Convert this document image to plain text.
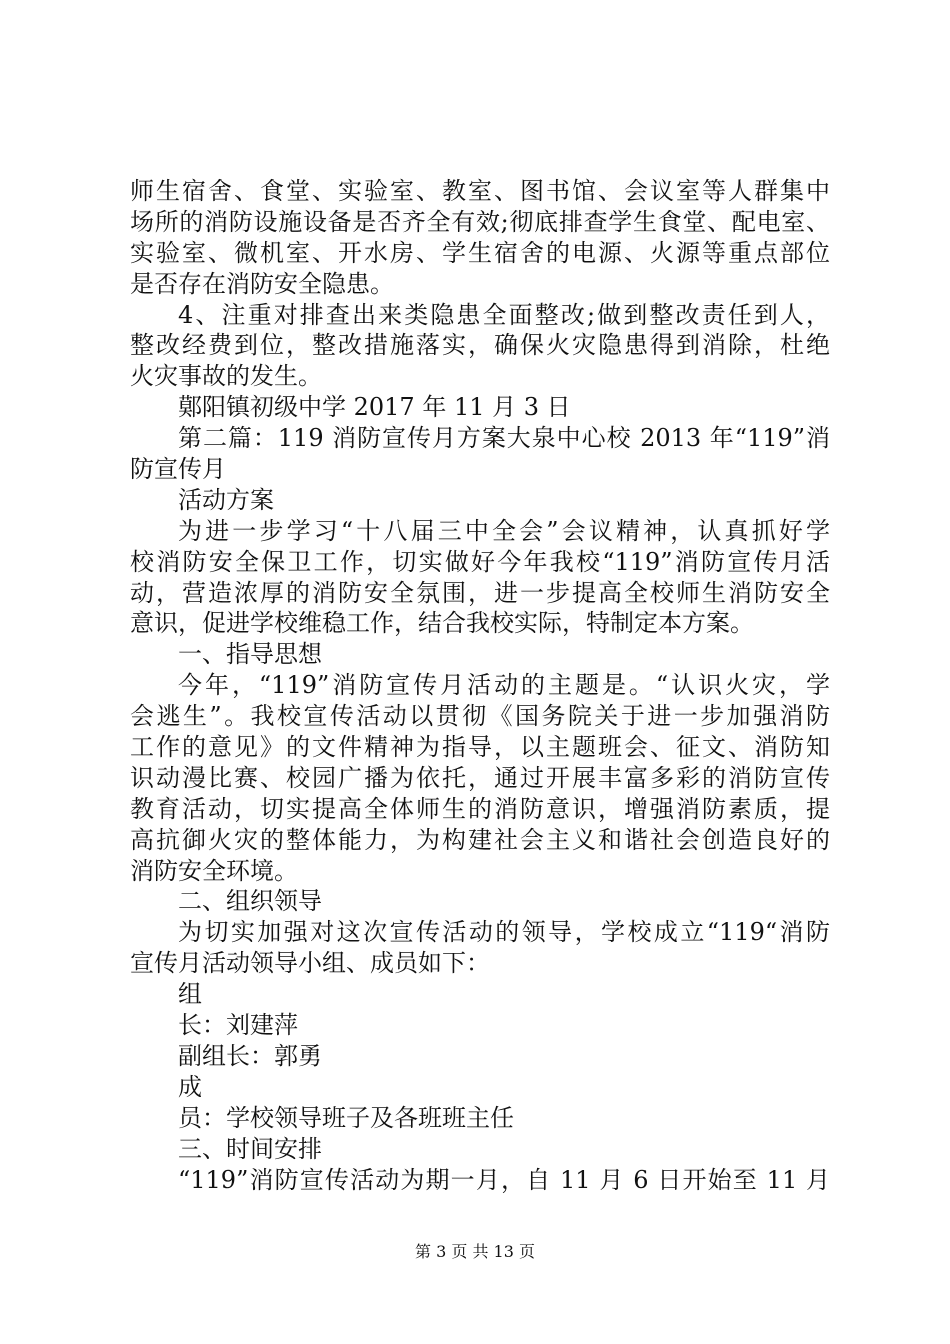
师生宿舍、食堂、实验室、教室、图书馆、会议室等人群集中
场所的消防设施设备是否齐全有效;彻底排查学生食堂、配电室、
实验室、微机室、开水房、学生宿舍的电源、火源等重点部位
是否存在消防安全隐患。
4、注重对排查出来类隐患全面整改;做到整改责任到人，
整改经费到位，整改措施落实，确保火灾隐患得到消除，杜绝
火灾事故的发生。
鄚阳镇初级中学 2017 年 11 月 3 日
第二篇：119 消防宣传月方案大泉中心校 2013 年“119”消
防宣传月
活动方案
为进一步学习“十八届三中全会”会议精神，认真抓好学
校消防安全保卫工作，切实做好今年我校“119”消防宣传月活
动，营造浓厚的消防安全氛围，进一步提高全校师生消防安全
意识，促进学校维稳工作，结合我校实际，特制定本方案。
一、指导思想
今年，“119”消防宣传月活动的主题是。“认识火灾，学
会逃生”。我校宣传活动以贯彻《国务院关于进一步加强消防
工作的意见》的文件精神为指导，以主题班会、征文、消防知
识动漫比赛、校园广播为依托，通过开展丰富多彩的消防宣传
教育活动，切实提高全体师生的消防意识，增强消防素质，提
高抗御火灾的整体能力，为构建社会主义和谐社会创造良好的
消防安全环境。
二、组织领导
为切实加强对这次宣传活动的领导，学校成立“119“消防
宣传月活动领导小组、成员如下：
组
长：刘建萍
副组长：郭勇
成
员：学校领导班子及各班班主任
三、时间安排
“119”消防宣传活动为期一月，自 11 月 6 日开始至 11 月
第 3 页 共 13 页
